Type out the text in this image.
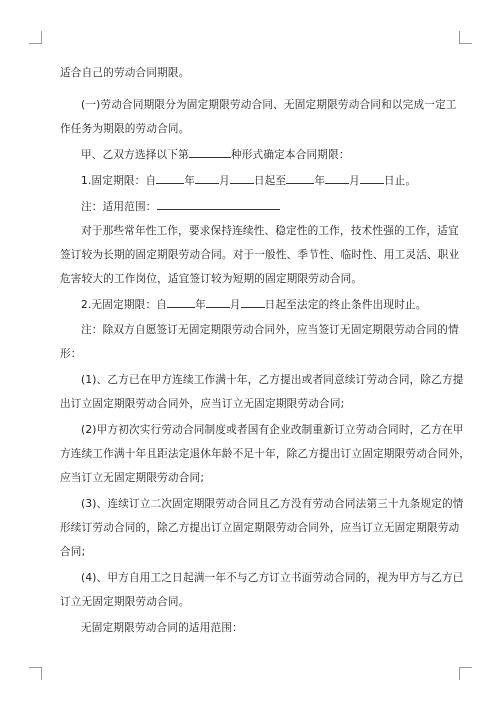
适合自己的劳动合同期限。
(一)劳动合同期限分为固定期限劳动合同、无固定期限劳动合同和以完成一定工
作任务为期限的劳动合同。
甲、乙双方选择以下第	种形式确定本合同期限：
1.固定期限：自	年 月 日起至	年 月 日止。
注：适用范围：
对于那些常年性工作，要求保持连续性、稳定性的工作，技术性强的工作，适宜
签订较为长期的固定期限劳动合同。对于一般性、季节性、临时性、用工灵活、职业
危害较大的工作岗位，适宜签订较为短期的固定期限劳动合同。
2.无固定期限：自	年 月 日起至法定的终止条件出现时止。
注：除双方自愿签订无固定期限劳动合同外，应当签订无固定期限劳动合同的情
形：
(1)、乙方已在甲方连续工作满十年，乙方提出或者同意续订劳动合同，除乙方提
出订立固定期限劳动合同外，应当订立无固定期限劳动合同;
(2)甲方初次实行劳动合同制度或者国有企业改制重新订立劳动合同时，乙方在甲
方连续工作满十年且距法定退休年龄不足十年，除乙方提出订立固定期限劳动合同外，
应当订立无固定期限劳动合同;
(3)、连续订立二次固定期限劳动合同且乙方没有劳动合同法第三十九条规定的情
形续订劳动合同的，除乙方提出订立固定期限劳动合同外，应当订立无固定期限劳动
合同;
(4)、甲方自用工之日起满一年不与乙方订立书面劳动合同的，视为甲方与乙方已
订立无固定期限劳动合同。
无固定期限劳动合同的适用范围：
